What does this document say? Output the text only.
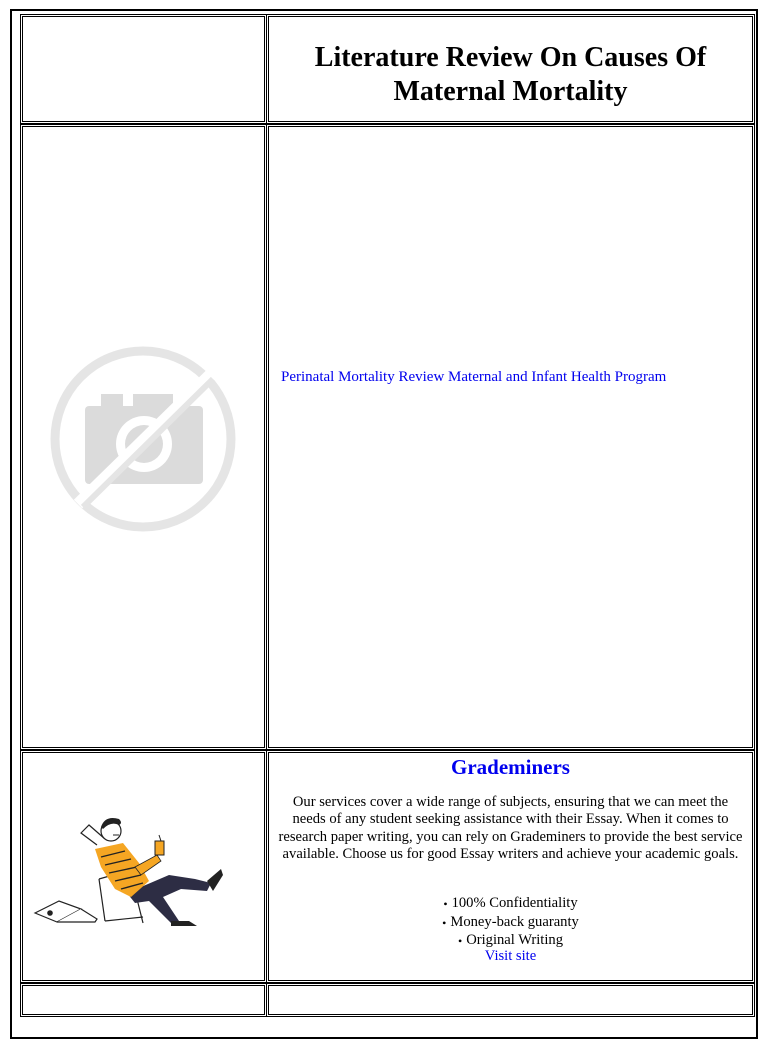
Literature Review On Causes Of Maternal Mortality
Perinatal Mortality Review Maternal and Infant Health Program
Grademiners
Our services cover a wide range of subjects, ensuring that we can meet the needs of any student seeking assistance with their Essay. When it comes to research paper writing, you can rely on Grademiners to provide the best service available. Choose us for good Essay writers and achieve your academic goals.
• 100% Confidentiality
• Money-back guaranty
• Original Writing
Visit site
